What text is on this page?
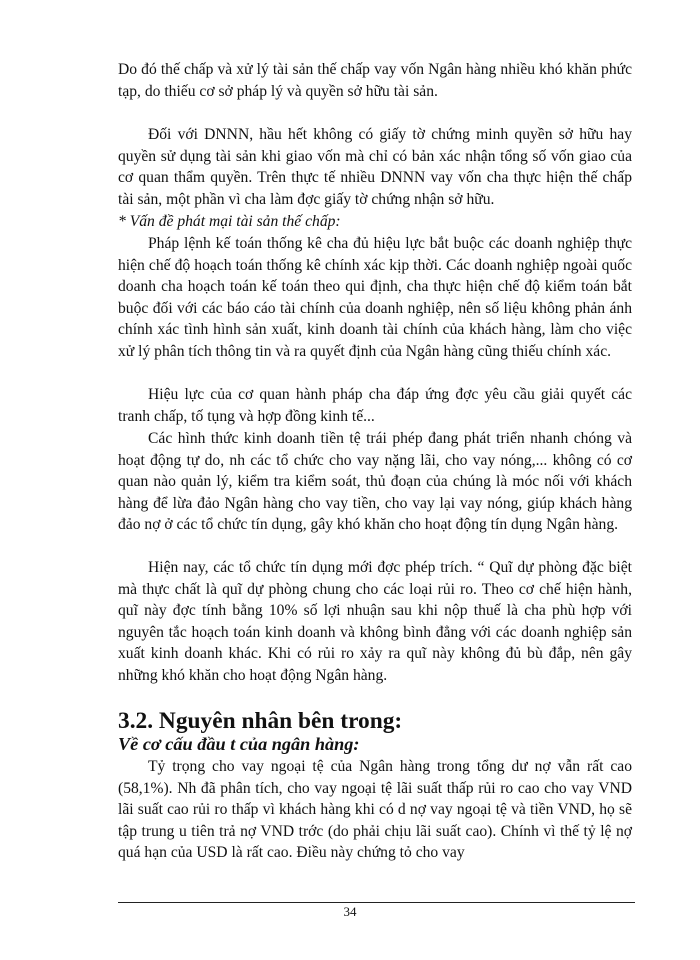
Do đó thế chấp và xử lý tài sản thế chấp vay vốn Ngân hàng nhiều khó khăn phức tạp, do thiếu cơ sở pháp lý và quyền sở hữu tài sản.

Đối với DNNN, hầu hết không có giấy tờ chứng minh quyền sở hữu hay quyền sử dụng tài sản khi giao vốn mà chỉ có bản xác nhận tổng số vốn giao của cơ quan thẩm quyền. Trên thực tế nhiều DNNN vay vốn cha thực hiện thế chấp tài sản, một phần vì cha làm đợc giấy tờ chứng nhận sở hữu.

* Vấn đề phát mại tài sản thế chấp:

Pháp lệnh kế toán thống kê cha đủ hiệu lực bắt buộc các doanh nghiệp thực hiện chế độ hoạch toán thống kê chính xác kịp thời. Các doanh nghiệp ngoài quốc doanh cha hoạch toán kế toán theo qui định, cha thực hiện chế độ kiểm toán bắt buộc đối với các báo cáo tài chính của doanh nghiệp, nên số liệu không phản ánh chính xác tình hình sản xuất, kinh doanh tài chính của khách hàng, làm cho việc xử lý phân tích thông tin và ra quyết định của Ngân hàng cũng thiếu chính xác.

Hiệu lực của cơ quan hành pháp cha đáp ứng đợc yêu cầu giải quyết các tranh chấp, tố tụng và hợp đồng kinh tế...

Các hình thức kinh doanh tiền tệ trái phép đang phát triển nhanh chóng và hoạt động tự do, nh các tổ chức cho vay nặng lãi, cho vay nóng,... không có cơ quan nào quản lý, kiểm tra kiểm soát, thủ đoạn của chúng là móc nối với khách hàng để lừa đảo Ngân hàng cho vay tiền, cho vay lại vay nóng, giúp khách hàng đảo nợ ở các tổ chức tín dụng, gây khó khăn cho hoạt động tín dụng Ngân hàng.

Hiện nay, các tổ chức tín dụng mới đợc phép trích. “ Quĩ dự phòng đặc biệt mà thực chất là quĩ dự phòng chung cho các loại rủi ro. Theo cơ chế hiện hành, quĩ này đợc tính bằng 10% số lợi nhuận sau khi nộp thuế là cha phù hợp với nguyên tắc hoạch toán kinh doanh và không bình đẳng với các doanh nghiệp sản xuất kinh doanh khác. Khi có rủi ro xảy ra quĩ này không đủ bù đắp, nên gây những khó khăn cho hoạt động Ngân hàng.

3.2. Nguyên nhân bên trong:
Về cơ cấu đầu t của ngân hàng:

Tỷ trọng cho vay ngoại tệ của Ngân hàng trong tổng dư nợ vẫn rất cao (58,1%). Nh đã phân tích, cho vay ngoại tệ lãi suất thấp rủi ro cao cho vay VND lãi suất cao rủi ro thấp vì khách hàng khi có d nợ vay ngoại tệ và tiền VND, họ sẽ tập trung u tiên trả nợ VND trớc (do phải chịu lãi suất cao). Chính vì thế tỷ lệ nợ quá hạn của USD là rất cao. Điều này chứng tỏ cho vay

34
